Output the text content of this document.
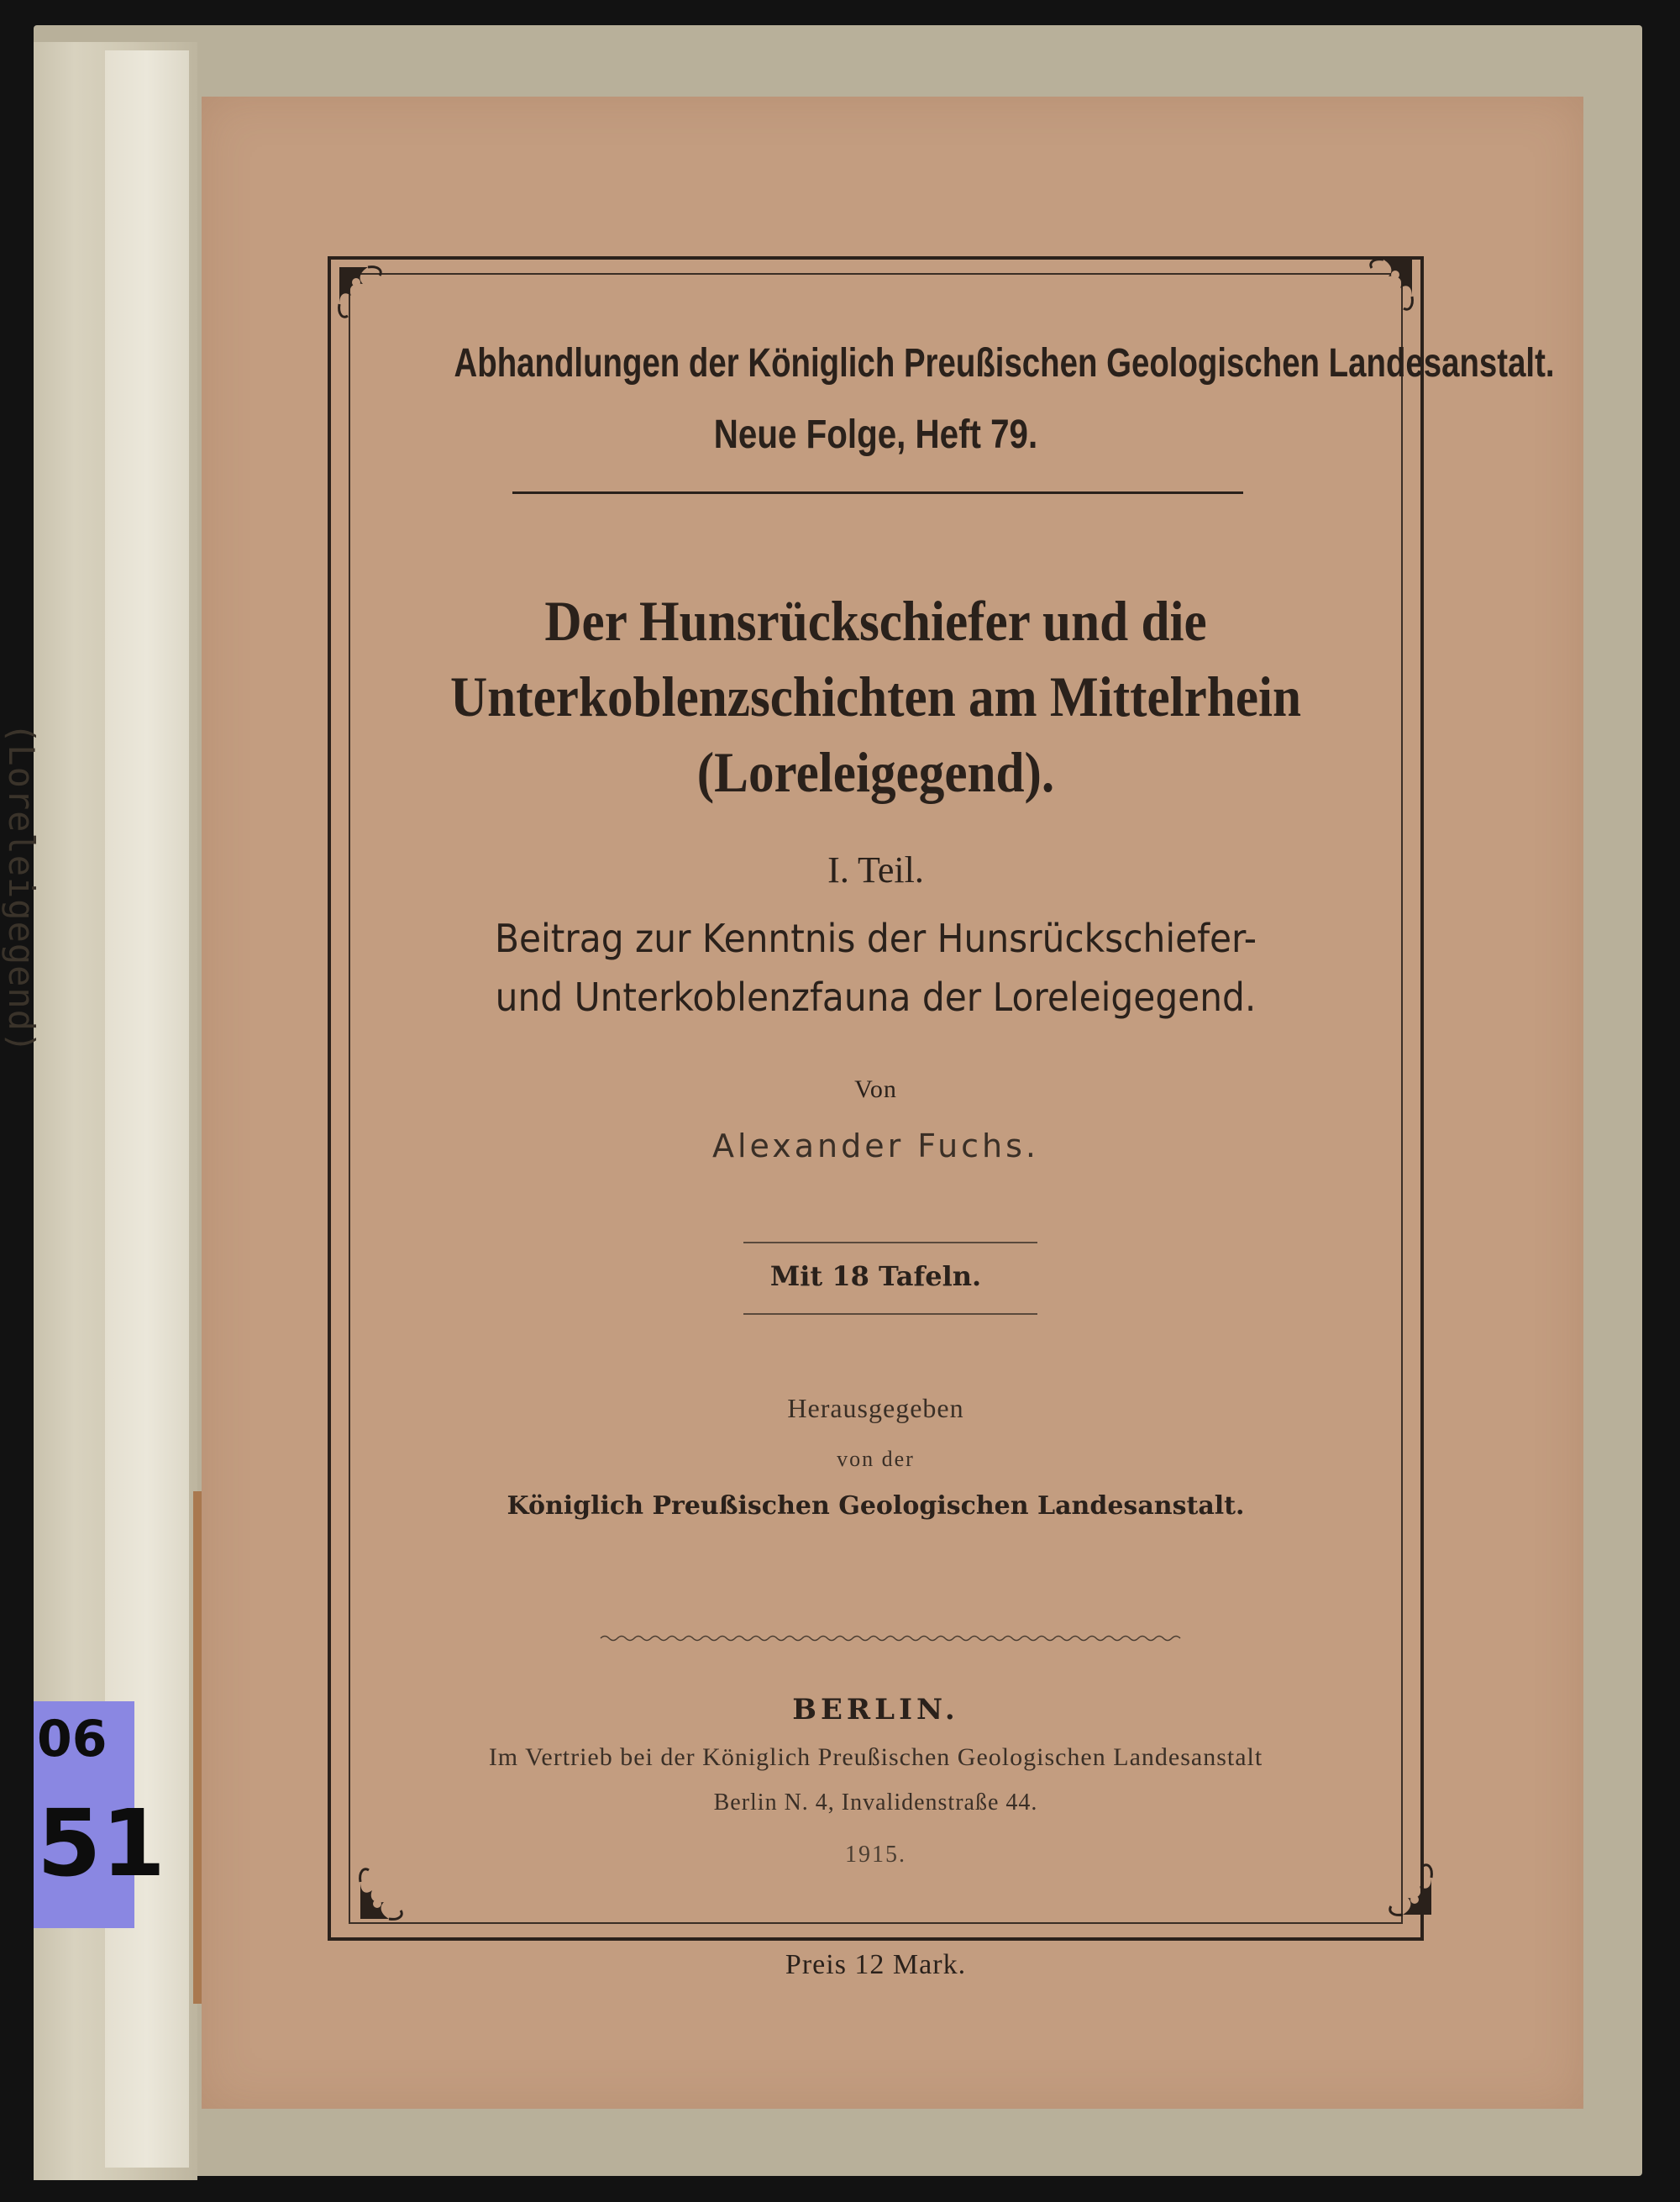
(Loreleigegend)
06
51
Abhandlungen der Königlich Preußischen Geologischen Landesanstalt.
Neue Folge, Heft 79.
Der Hunsrückschiefer und die
Unterkoblenzschichten am Mittelrhein
(Loreleigegend).
I. Teil.
Beitrag zur Kenntnis der Hunsrückschiefer-
und Unterkoblenzfauna der Loreleigegend.
Von
Alexander Fuchs.
Mit 18 Tafeln.
Herausgegeben
von der
Königlich Preußischen Geologischen Landesanstalt.
BERLIN.
Im Vertrieb bei der Königlich Preußischen Geologischen Landesanstalt
Berlin N. 4, Invalidenstraße 44.
1915.
Preis 12 Mark.
